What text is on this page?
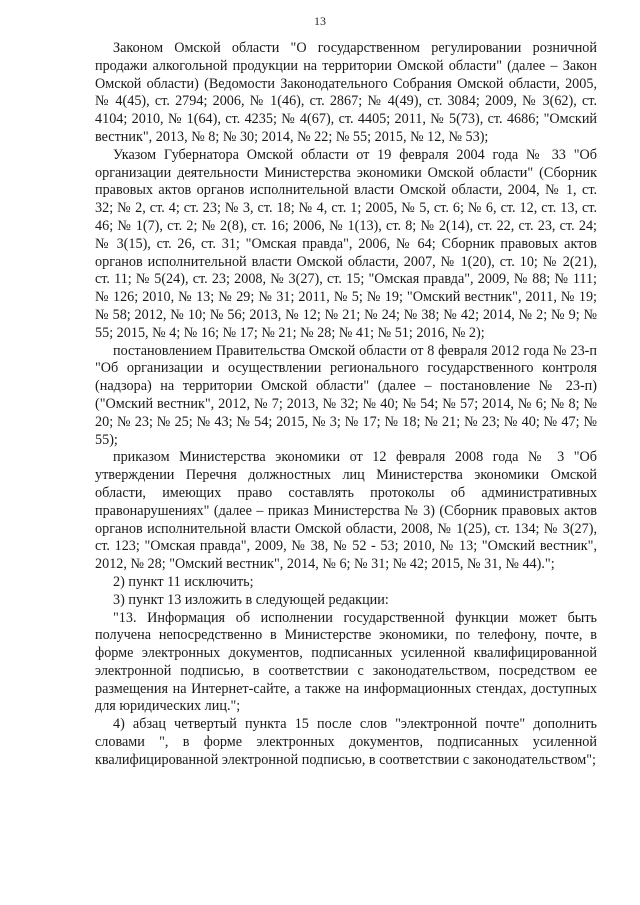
13

Законом Омской области "О государственном регулировании розничной продажи алкогольной продукции на территории Омской области" (далее – Закон Омской области) (Ведомости Законодательного Собрания Омской области, 2005, № 4(45), ст. 2794; 2006, № 1(46), ст. 2867; № 4(49), ст. 3084; 2009, № 3(62), ст. 4104; 2010, № 1(64), ст. 4235; № 4(67), ст. 4405; 2011, № 5(73), ст. 4686; "Омский вестник", 2013, № 8; № 30; 2014, № 22; № 55; 2015, № 12, № 53);

Указом Губернатора Омской области от 19 февраля 2004 года № 33 "Об организации деятельности Министерства экономики Омской области" (Сборник правовых актов органов исполнительной власти Омской области, 2004, № 1, ст. 32; № 2, ст. 4; ст. 23; № 3, ст. 18; № 4, ст. 1; 2005, № 5, ст. 6; № 6, ст. 12, ст. 13, ст. 46; № 1(7), ст. 2; № 2(8), ст. 16; 2006, № 1(13), ст. 8; № 2(14), ст. 22, ст. 23, ст. 24; № 3(15), ст. 26, ст. 31; "Омская правда", 2006, № 64; Сборник правовых актов органов исполнительной власти Омской области, 2007, № 1(20), ст. 10; № 2(21), ст. 11; № 5(24), ст. 23; 2008, № 3(27), ст. 15; "Омская правда", 2009, № 88; № 111; № 126; 2010, № 13; № 29; № 31; 2011, № 5; № 19; "Омский вестник", 2011, № 19; № 58; 2012, № 10; № 56; 2013, № 12; № 21; № 24; № 38; № 42; 2014, № 2; № 9; № 55; 2015, № 4; № 16; № 17; № 21; № 28; № 41; № 51; 2016, № 2);

постановлением Правительства Омской области от 8 февраля 2012 года № 23-п "Об организации и осуществлении регионального государственного контроля (надзора) на территории Омской области" (далее – постановление № 23-п) ("Омский вестник", 2012, № 7; 2013, № 32; № 40; № 54; № 57; 2014, № 6; № 8; № 20; № 23; № 25; № 43; № 54; 2015, № 3; № 17; № 18; № 21; № 23; № 40; № 47; № 55);

приказом Министерства экономики от 12 февраля 2008 года № 3 "Об утверждении Перечня должностных лиц Министерства экономики Омской области, имеющих право составлять протоколы об административных правонарушениях" (далее – приказ Министерства № 3) (Сборник правовых актов органов исполнительной власти Омской области, 2008, № 1(25), ст. 134; № 3(27), ст. 123; "Омская правда", 2009, № 38, № 52 - 53; 2010, № 13; "Омский вестник", 2012, № 28; "Омский вестник", 2014, № 6; № 31; № 42; 2015, № 31, № 44).";

2) пункт 11 исключить;

3) пункт 13 изложить в следующей редакции:

"13. Информация об исполнении государственной функции может быть получена непосредственно в Министерстве экономики, по телефону, почте, в форме электронных документов, подписанных усиленной квалифицированной электронной подписью, в соответствии с законодательством, посредством ее размещения на Интернет-сайте, а также на информационных стендах, доступных для юридических лиц.";

4) абзац четвертый пункта 15 после слов "электронной почте" дополнить словами ", в форме электронных документов, подписанных усиленной квалифицированной электронной подписью, в соответствии с законодательством";
